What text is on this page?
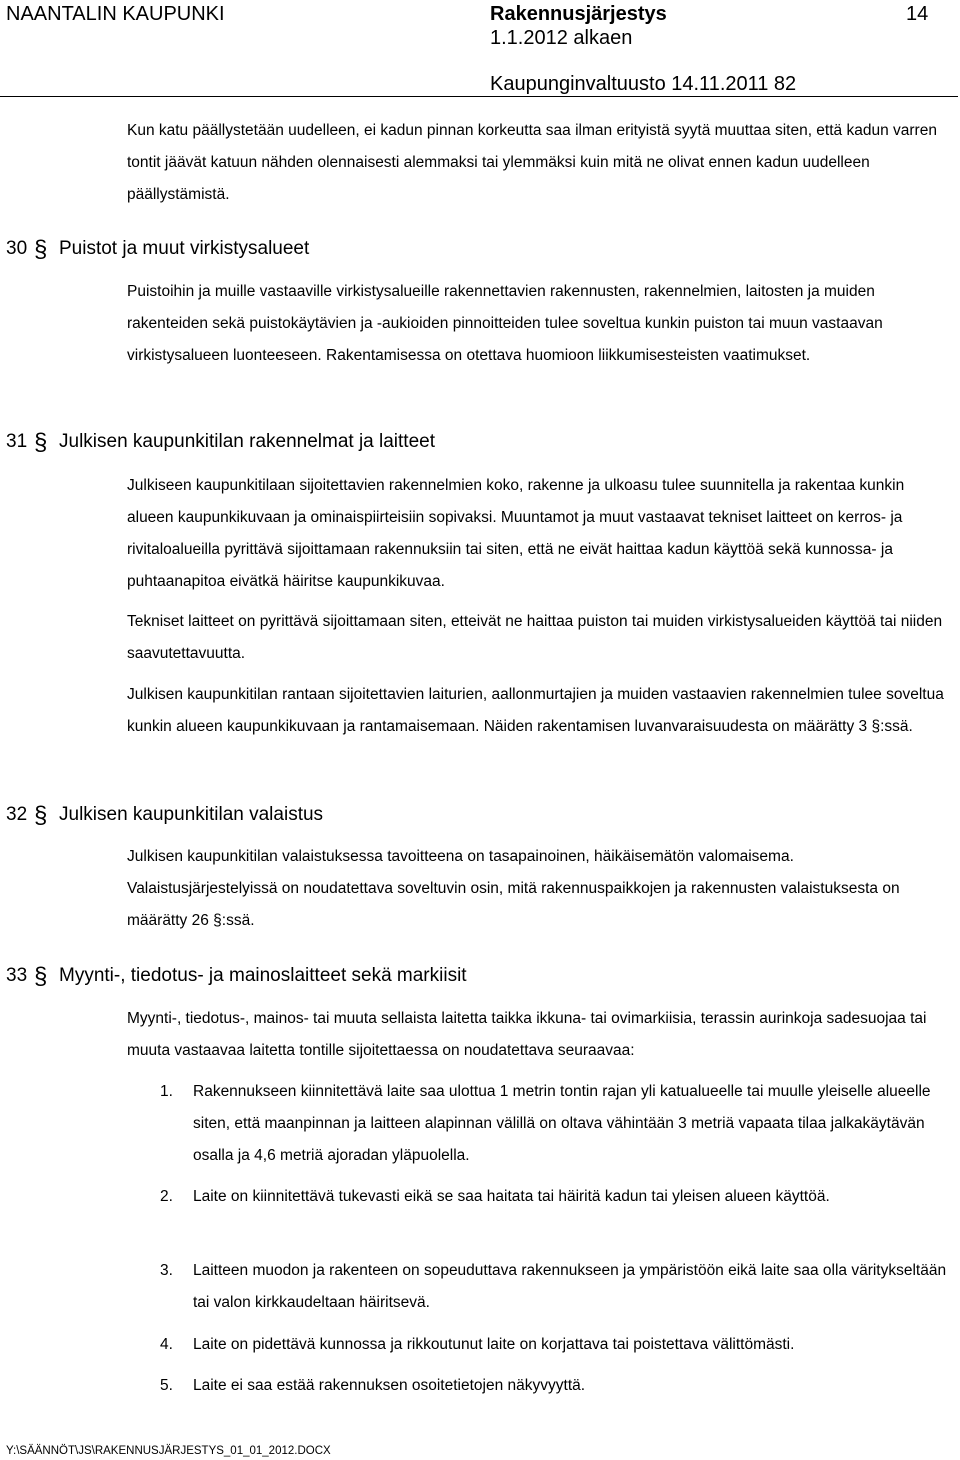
NAANTALIN KAUPUNKI	Rakennusjärjestys
1.1.2012 alkaen
14
Kaupunginvaltuusto 14.11.2011 82

Kun katu päällystetään uudelleen, ei kadun pinnan korkeutta saa ilman erityistä syytä muuttaa siten, että kadun varren tontit jäävät katuun nähden olennaisesti alemmaksi tai ylemmäksi kuin mitä ne olivat ennen kadun uudelleen päällystämistä.

30 § Puistot ja muut virkistysalueet

Puistoihin ja muille vastaaville virkistysalueille rakennettavien rakennusten, rakennelmien, laitosten ja muiden rakenteiden sekä puistokäytävien ja -aukioiden pinnoitteiden tulee soveltua kunkin puiston tai muun vastaavan virkistysalueen luonteeseen. Rakentamisessa on otettava huomioon liikkumisesteisten vaatimukset.

31 § Julkisen kaupunkitilan rakennelmat ja laitteet

Julkiseen kaupunkitilaan sijoitettavien rakennelmien koko, rakenne ja ulkoasu tulee suunnitella ja rakentaa kunkin alueen kaupunkikuvaan ja ominaispiirteisiin sopivaksi. Muuntamot ja muut vastaavat tekniset laitteet on kerros- ja rivitaloalueilla pyrittävä sijoittamaan rakennuksiin tai siten, että ne eivät haittaa kadun käyttöä sekä kunnossa- ja puhtaanapitoa eivätkä häiritse kaupunkikuvaa.

Tekniset laitteet on pyrittävä sijoittamaan siten, etteivät ne haittaa puiston tai muiden virkistysalueiden käyttöä tai niiden saavutettavuutta.

Julkisen kaupunkitilan rantaan sijoitettavien laiturien, aallonmurtajien ja muiden vastaavien rakennelmien tulee soveltua kunkin alueen kaupunkikuvaan ja rantamaisemaan. Näiden rakentamisen luvanvaraisuudesta on määrätty 3 §:ssä.

32 § Julkisen kaupunkitilan valaistus

Julkisen kaupunkitilan valaistuksessa tavoitteena on tasapainoinen, häikäisemätön valomaisema. Valaistusjärjestelyissä on noudatettava soveltuvin osin, mitä rakennuspaikkojen ja rakennusten valaistuksesta on määrätty 26 §:ssä.

33 § Myynti-, tiedotus- ja mainoslaitteet sekä markiisit

Myynti-, tiedotus-, mainos- tai muuta sellaista laitetta taikka ikkuna- tai ovimarkiisia, terassin aurinkoja sadesuojaa tai muuta vastaavaa laitetta tontille sijoitettaessa on noudatettava seuraavaa:

1.	Rakennukseen kiinnitettävä laite saa ulottua 1 metrin tontin rajan yli katualueelle tai muulle yleiselle alueelle siten, että maanpinnan ja laitteen alapinnan välillä on oltava vähintään 3 metriä vapaata tilaa jalkakäytävän osalla ja 4,6 metriä ajoradan yläpuolella.

2.	Laite on kiinnitettävä tukevasti eikä se saa haitata tai häiritä kadun tai yleisen alueen käyttöä.

3.	Laitteen muodon ja rakenteen on sopeuduttava rakennukseen ja ympäristöön eikä laite saa olla väritykseltään tai valon kirkkaudeltaan häiritsevä.

4.	Laite on pidettävä kunnossa ja rikkoutunut laite on korjattava tai poistettava välittömästi.

5.	Laite ei saa estää rakennuksen osoitetietojen näkyvyyttä.

Y:\SÄÄNNÖT\JS\RAKENNUSJÄRJESTYS_01_01_2012.DOCX
